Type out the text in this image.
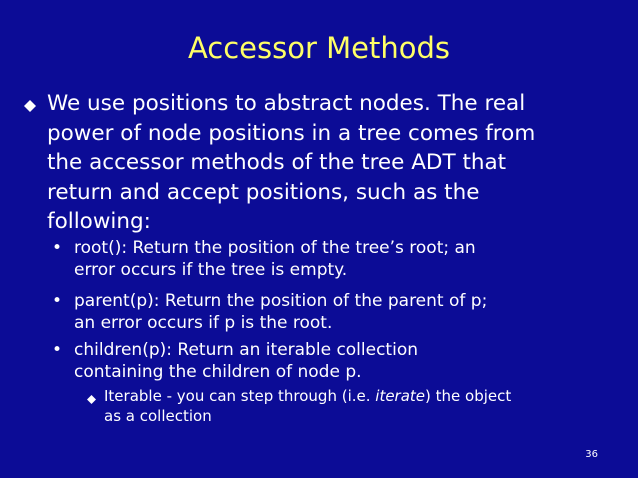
Accessor Methods
We use positions to abstract nodes. The real
power of node positions in a tree comes from
the accessor methods of the tree ADT that
return and accept positions, such as the
following:
• root(): Return the position of the tree’s root; an
error occurs if the tree is empty.
• parent(p): Return the position of the parent of p;
an error occurs if p is the root.
• children(p): Return an iterable collection
containing the children of node p.
Iterable - you can step through (i.e. iterate) the object
as a collection
36
